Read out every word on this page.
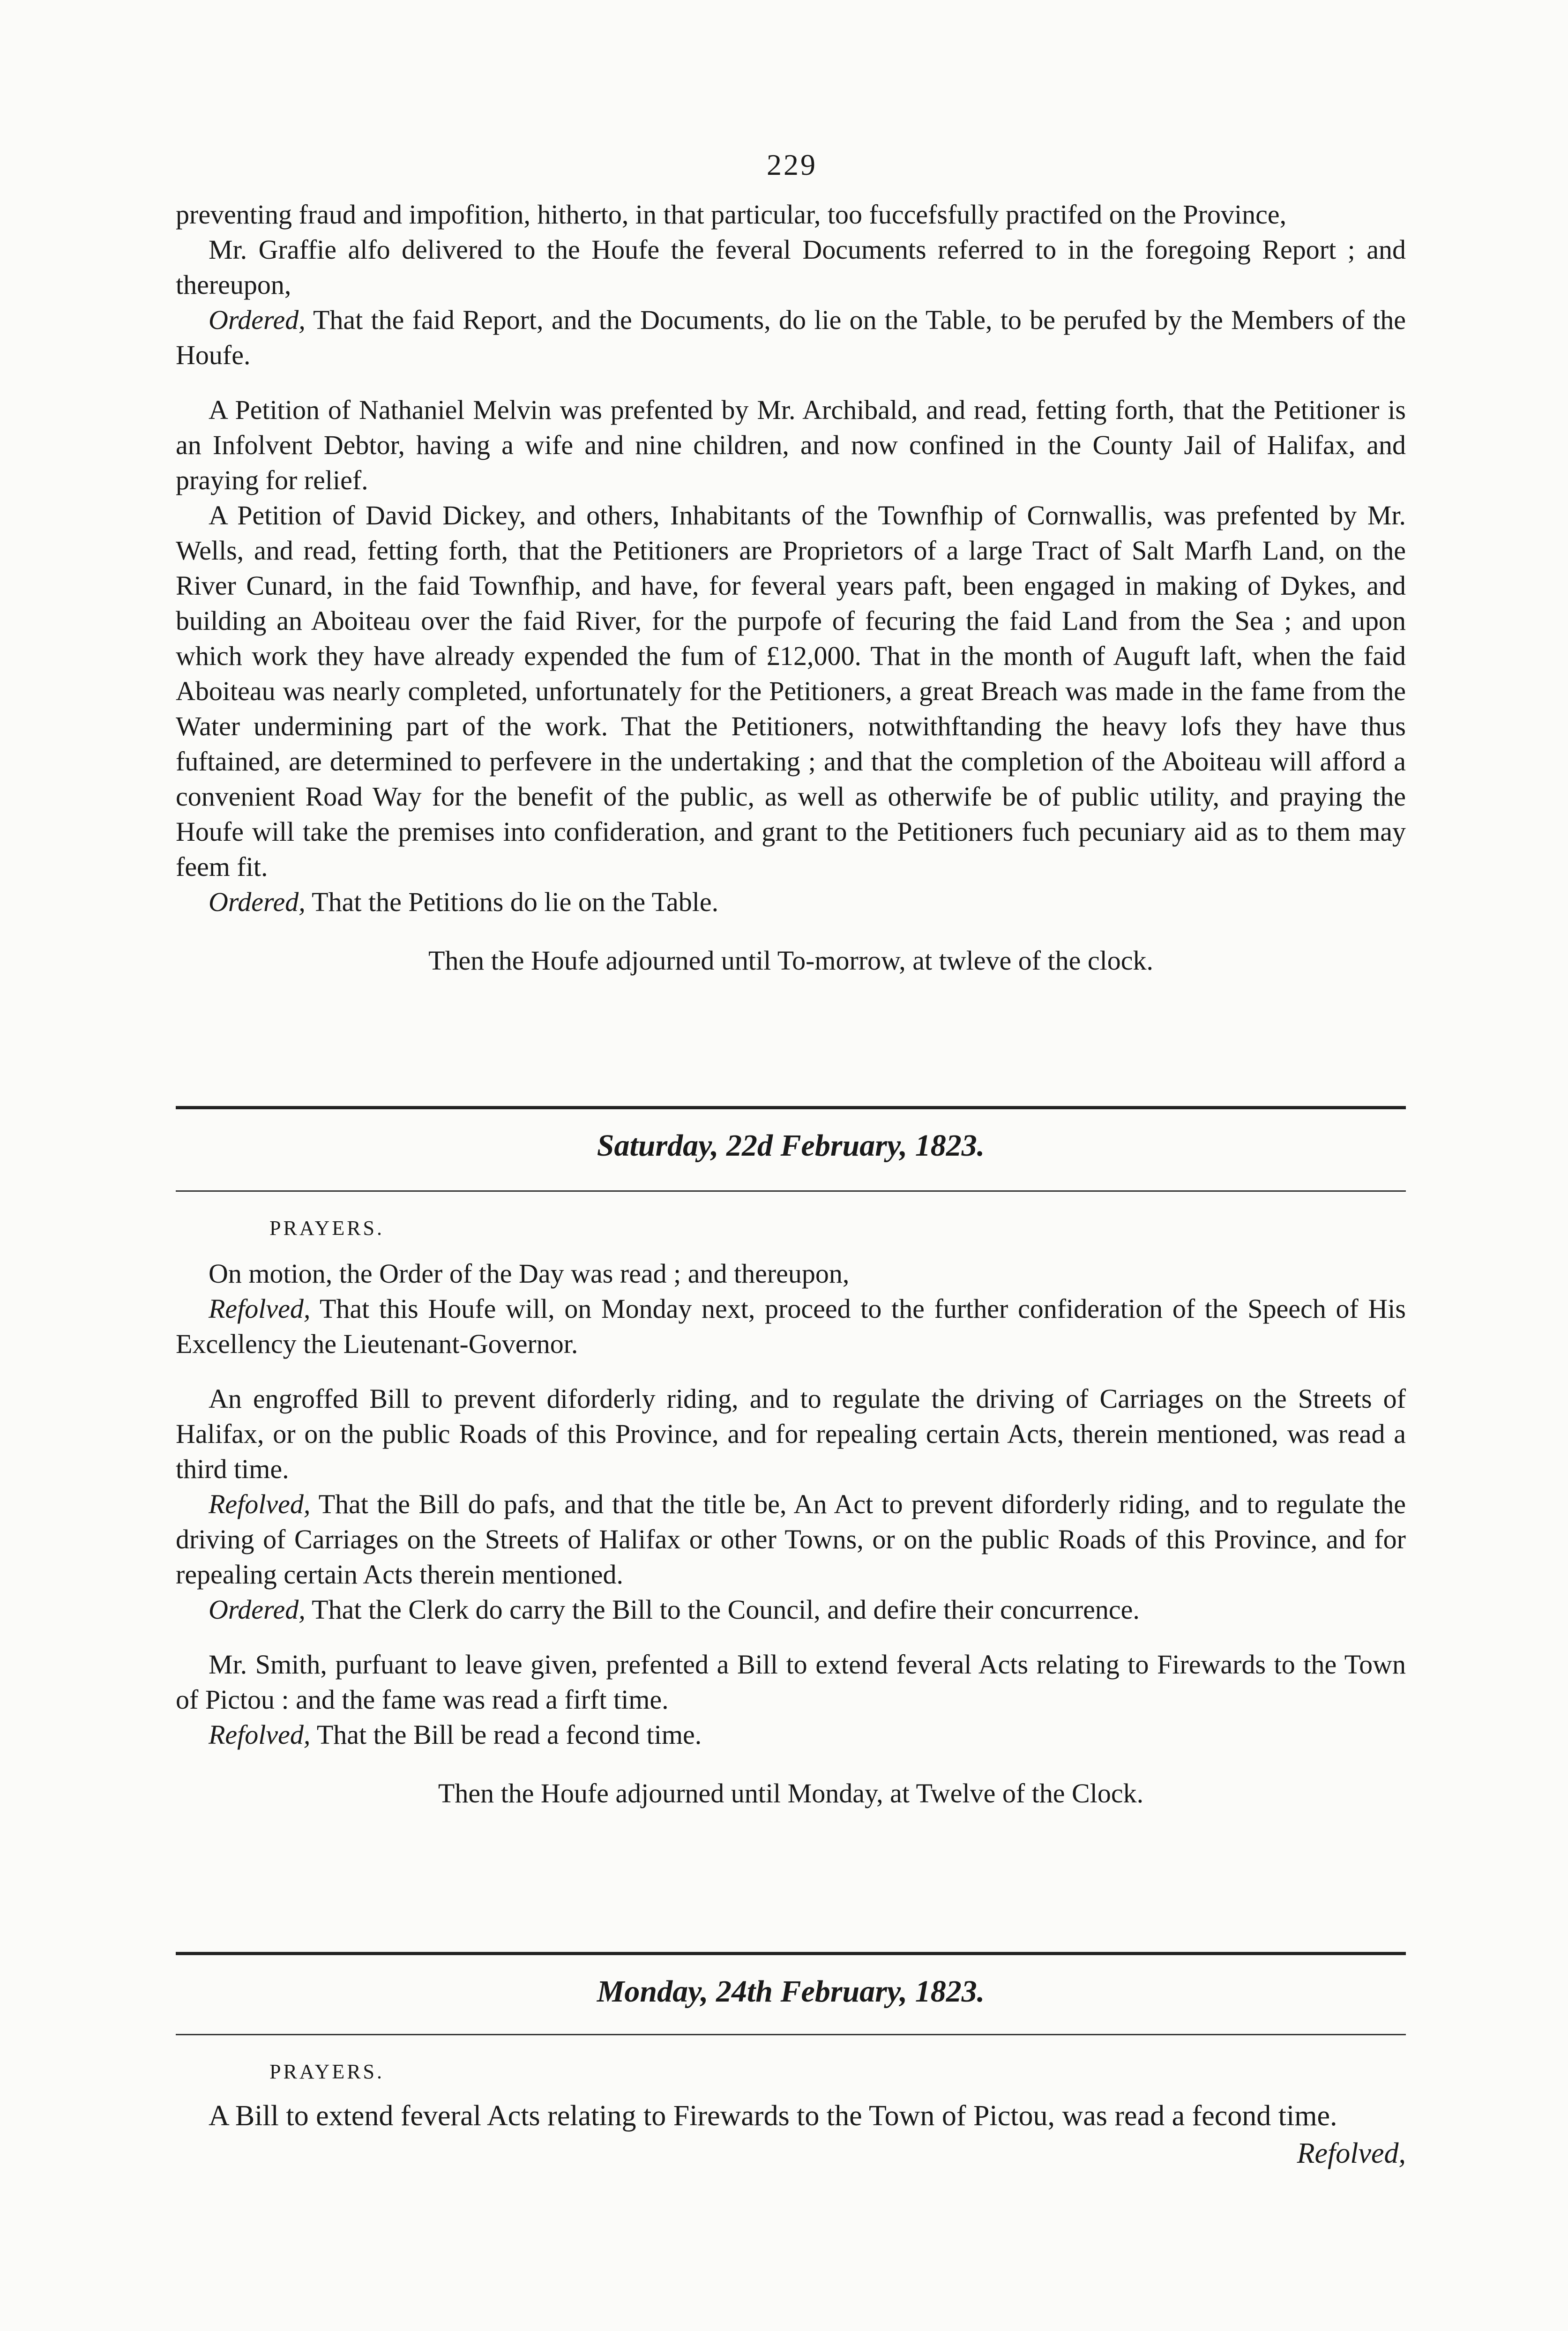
229

preventing fraud and impofition, hitherto, in that particular, too fuccefsfully practifed on the Province,

Mr. Graffie alfo delivered to the Houfe the feveral Documents referred to in the foregoing Report ; and thereupon,

Ordered, That the faid Report, and the Documents, do lie on the Table, to be perufed by the Members of the Houfe.

A Petition of Nathaniel Melvin was prefented by Mr. Archibald, and read, fetting forth, that the Petitioner is an Infolvent Debtor, having a wife and nine children, and now confined in the County Jail of Halifax, and praying for relief.

A Petition of David Dickey, and others, Inhabitants of the Townfhip of Cornwallis, was prefented by Mr. Wells, and read, fetting forth, that the Petitioners are Proprietors of a large Tract of Salt Marfh Land, on the River Cunard, in the faid Townfhip, and have, for feveral years paft, been engaged in making of Dykes, and building an Aboiteau over the faid River, for the purpofe of fecuring the faid Land from the Sea ; and upon which work they have already expended the fum of £12,000. That in the month of Auguft laft, when the faid Aboiteau was nearly completed, unfortunately for the Petitioners, a great Breach was made in the fame from the Water undermining part of the work. That the Petitioners, notwithftanding the heavy lofs they have thus fuftained, are determined to perfevere in the undertaking ; and that the completion of the Aboiteau will afford a convenient Road Way for the benefit of the public, as well as otherwife be of public utility, and praying the Houfe will take the premises into confideration, and grant to the Petitioners fuch pecuniary aid as to them may feem fit.

Ordered, That the Petitions do lie on the Table.

Then the Houfe adjourned until To-morrow, at twleve of the clock.

Saturday, 22d February, 1823.
PRAYERS.

On motion, the Order of the Day was read ; and thereupon,

Refolved, That this Houfe will, on Monday next, proceed to the further confideration of the Speech of His Excellency the Lieutenant-Governor.

An engroffed Bill to prevent diforderly riding, and to regulate the driving of Carriages on the Streets of Halifax, or on the public Roads of this Province, and for repealing certain Acts, therein mentioned, was read a third time.

Refolved, That the Bill do pafs, and that the title be, An Act to prevent diforderly riding, and to regulate the driving of Carriages on the Streets of Halifax or other Towns, or on the public Roads of this Province, and for repealing certain Acts therein mentioned.

Ordered, That the Clerk do carry the Bill to the Council, and defire their concurrence.

Mr. Smith, purfuant to leave given, prefented a Bill to extend feveral Acts relating to Firewards to the Town of Pictou : and the fame was read a firft time.

Refolved, That the Bill be read a fecond time.

Then the Houfe adjourned until Monday, at Twelve of the Clock.

Monday, 24th February, 1823.
PRAYERS.

A Bill to extend feveral Acts relating to Firewards to the Town of Pictou, was read a fecond time.

Refolved,
